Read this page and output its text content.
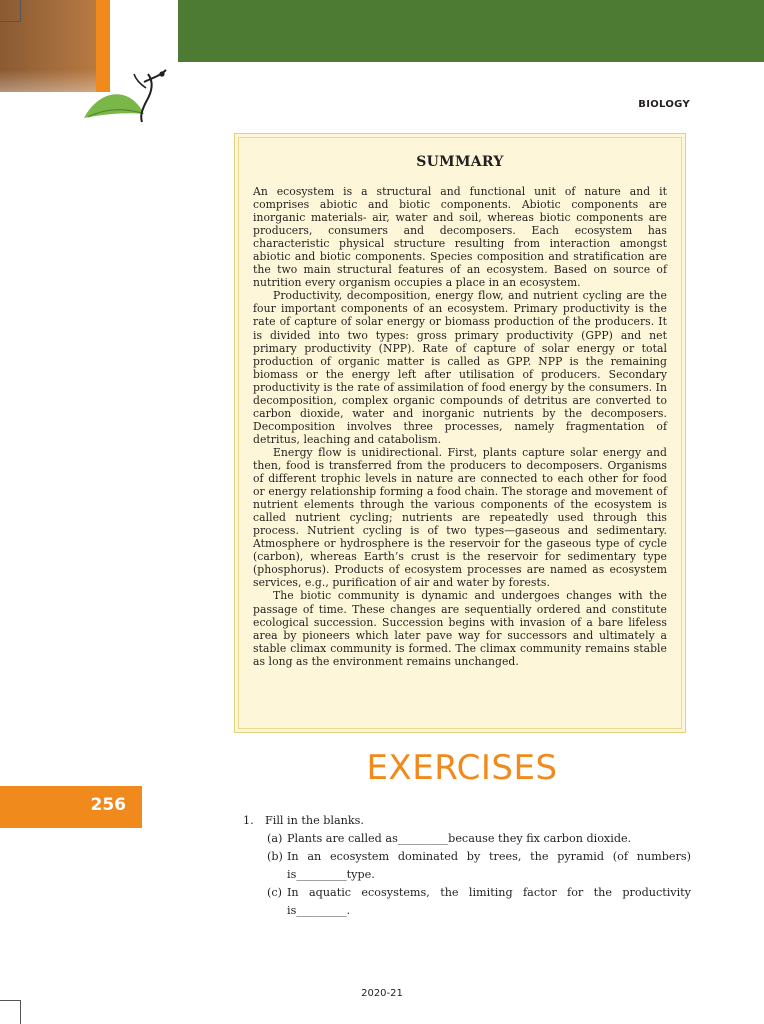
BIOLOGY
SUMMARY

An ecosystem is a structural and functional unit of nature and it comprises abiotic and biotic components. Abiotic components are inorganic materials- air, water and soil, whereas biotic components are producers, consumers and decomposers. Each ecosystem has characteristic physical structure resulting from interaction amongst abiotic and biotic components. Species composition and stratification are the two main structural features of an ecosystem. Based on source of nutrition every organism occupies a place in an ecosystem.

Productivity, decomposition, energy flow, and nutrient cycling are the four important components of an ecosystem. Primary productivity is the rate of capture of solar energy or biomass production of the producers. It is divided into two types: gross primary productivity (GPP) and net primary productivity (NPP). Rate of capture of solar energy or total production of organic matter is called as GPP. NPP is the remaining biomass or the energy left after utilisation of producers. Secondary productivity is the rate of assimilation of food energy by the consumers. In decomposition, complex organic compounds of detritus are converted to carbon dioxide, water and inorganic nutrients by the decomposers. Decomposition involves three processes, namely fragmentation of detritus, leaching and catabolism.

Energy flow is unidirectional. First, plants capture solar energy and then, food is transferred from the producers to decomposers. Organisms of different trophic levels in nature are connected to each other for food or energy relationship forming a food chain. The storage and movement of nutrient elements through the various components of the ecosystem is called nutrient cycling; nutrients are repeatedly used through this process. Nutrient cycling is of two types—gaseous and sedimentary. Atmosphere or hydrosphere is the reservoir for the gaseous type of cycle (carbon), whereas Earth’s crust is the reservoir for sedimentary type (phosphorus). Products of ecosystem processes are named as ecosystem services, e.g., purification of air and water by forests.

The biotic community is dynamic and undergoes changes with the passage of time. These changes are sequentially ordered and constitute ecological succession. Succession begins with invasion of a bare lifeless area by pioneers which later pave way for successors and ultimately a stable climax community is formed. The climax community remains stable as long as the environment remains unchanged.

EXERCISES
256
1.	Fill in the blanks.
(a) Plants are called as_________because they fix carbon dioxide.
(b) In an ecosystem dominated by trees, the pyramid (of numbers) is_________type.
(c) In aquatic ecosystems, the limiting factor for the productivity is_________.
2020-21
